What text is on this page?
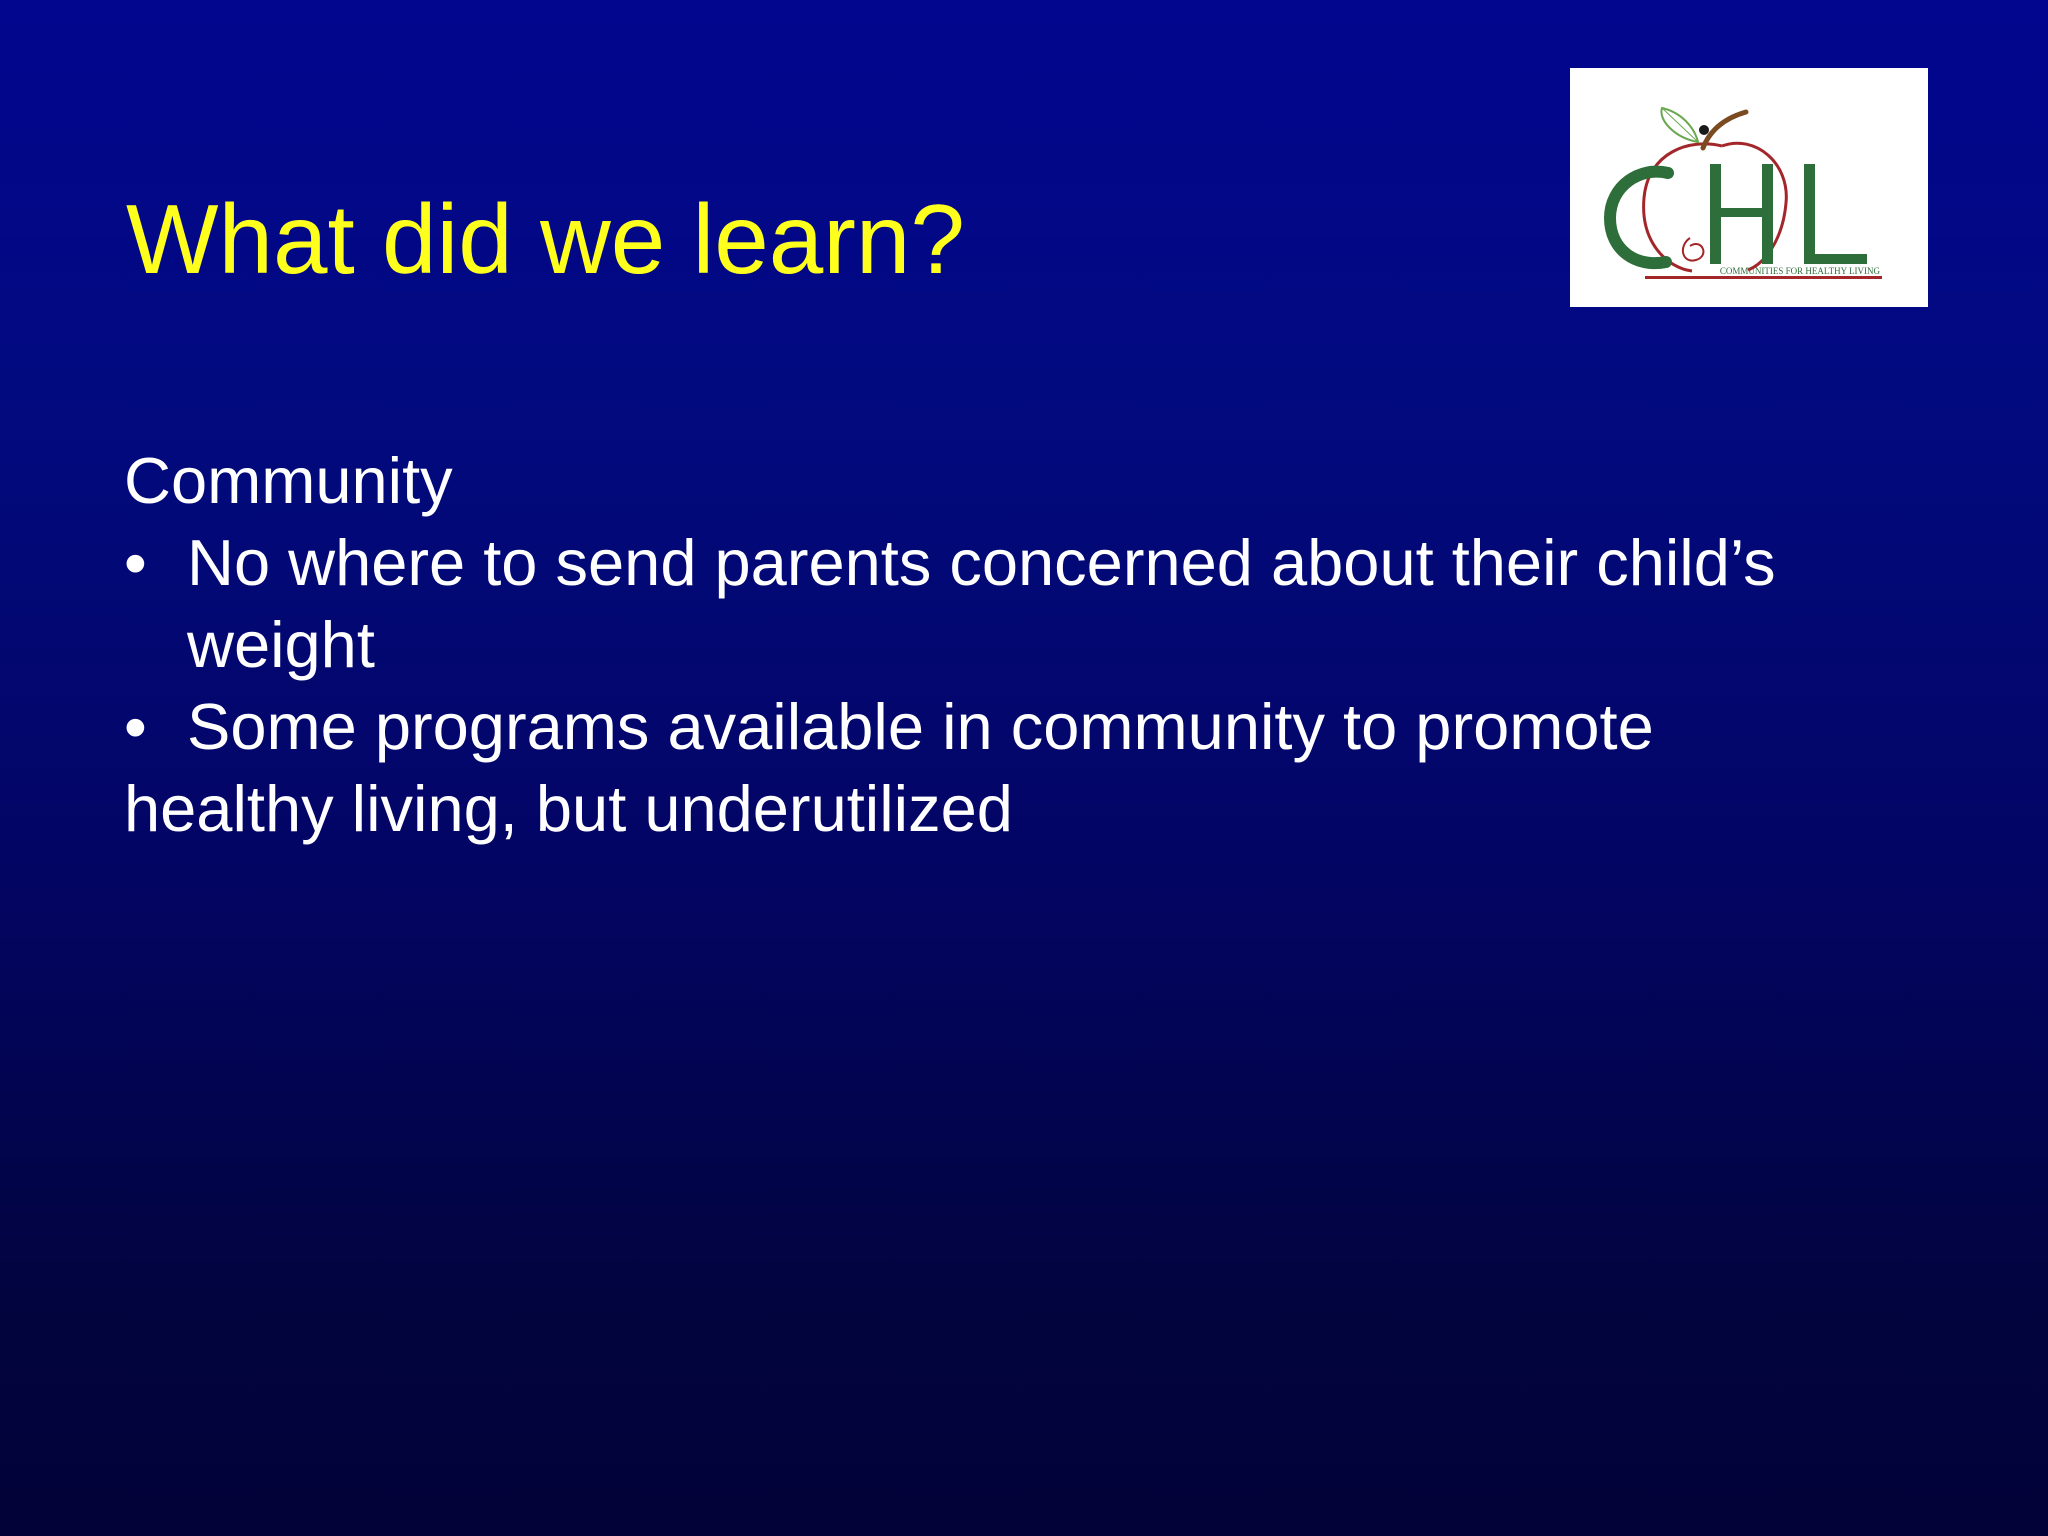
What did we learn?	COMMUNITIES FOR HEALTHY LIVING
Community
• No where to send parents concerned about their child’s weight
• Some programs available in community to promote
healthy living, but underutilized
